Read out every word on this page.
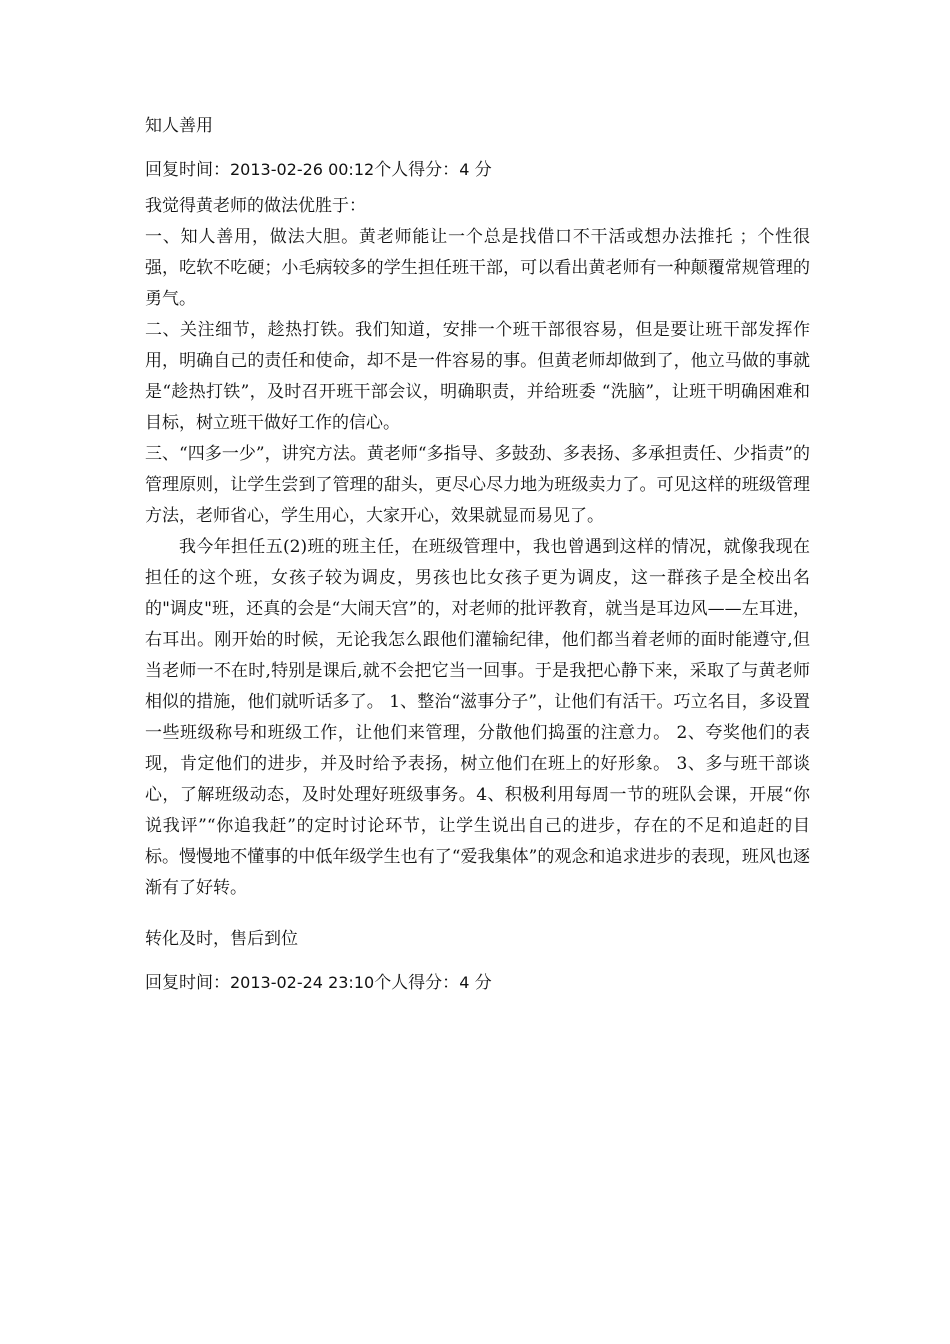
知人善用
回复时间：2013-02-26 00:12个人得分：4 分

我觉得黄老师的做法优胜于：

一、知人善用，做法大胆。黄老师能让一个总是找借口不干活或想办法推托 ；个性很强，吃软不吃硬；小毛病较多的学生担任班干部，可以看出黄老师有一种颠覆常规管理的勇气。

二、关注细节，趁热打铁。我们知道，安排一个班干部很容易，但是要让班干部发挥作用，明确自己的责任和使命，却不是一件容易的事。但黄老师却做到了，他立马做的事就是“趁热打铁”，及时召开班干部会议，明确职责，并给班委 “洗脑”，让班干明确困难和目标，树立班干做好工作的信心。

三、“四多一少”，讲究方法。黄老师“多指导、多鼓劲、多表扬、多承担责任、少指责”的管理原则，让学生尝到了管理的甜头，更尽心尽力地为班级卖力了。可见这样的班级管理方法，老师省心，学生用心，大家开心，效果就显而易见了。

我今年担任五(2)班的班主任，在班级管理中，我也曾遇到这样的情况，就像我现在担任的这个班，女孩子较为调皮，男孩也比女孩子更为调皮，这一群孩子是全校出名的"调皮"班，还真的会是“大闹天宫”的，对老师的批评教育，就当是耳边风——左耳进，右耳出。刚开始的时候，无论我怎么跟他们灌输纪律，他们都当着老师的面时能遵守,但当老师一不在时,特别是课后,就不会把它当一回事。于是我把心静下来，采取了与黄老师相似的措施，他们就听话多了。 1、整治“滋事分子”，让他们有活干。巧立名目，多设置一些班级称号和班级工作，让他们来管理，分散他们捣蛋的注意力。 2、夸奖他们的表现，肯定他们的进步，并及时给予表扬，树立他们在班上的好形象。 3、多与班干部谈心，了解班级动态，及时处理好班级事务。4、积极利用每周一节的班队会课，开展“你说我评”“你追我赶”的定时讨论环节，让学生说出自己的进步，存在的不足和追赶的目标。慢慢地不懂事的中低年级学生也有了“爱我集体”的观念和追求进步的表现，班风也逐渐有了好转。

转化及时，售后到位
回复时间：2013-02-24 23:10个人得分：4 分
